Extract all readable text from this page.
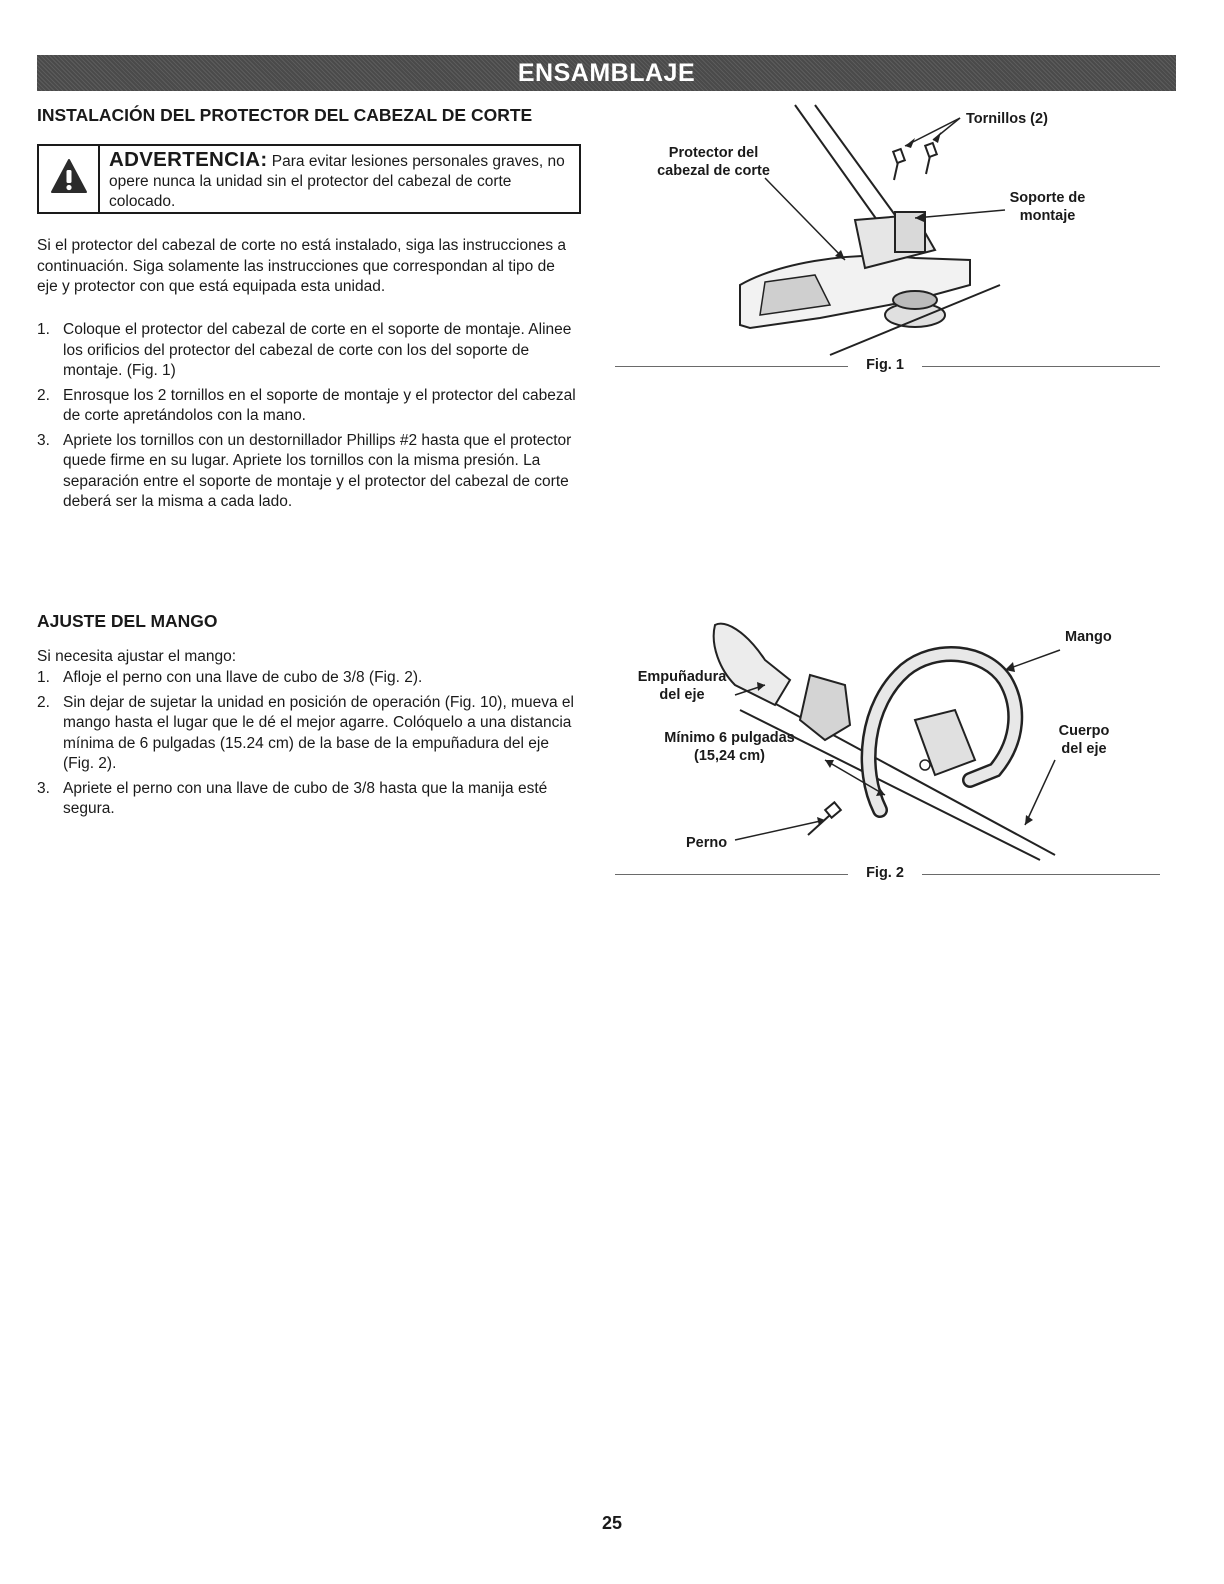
ENSAMBLAJE
INSTALACIÓN DEL PROTECTOR DEL CABEZAL DE CORTE
ADVERTENCIA: Para evitar lesiones personales graves, no opere nunca la unidad sin el protector del cabezal de corte colocado.

Si el protector del cabezal de corte no está instalado, siga las instrucciones a continuación. Siga solamente las instrucciones que correspondan al tipo de eje y protector con que está equipada esta unidad.

1. Coloque el protector del cabezal de corte en el soporte de montaje. Alinee los orificios del protector del cabezal de corte con los del soporte de montaje. (Fig. 1)
2. Enrosque los 2 tornillos en el soporte de montaje y el protector del cabezal de corte apretándolos con la mano.
3. Apriete los tornillos con un destornillador Phillips #2 hasta que el protector quede firme en su lugar. Apriete los tornillos con la misma presión. La separación entre el soporte de montaje y el protector del cabezal de corte deberá ser la misma a cada lado.
Tornillos (2)
Protector del
cabezal de corte
Soporte de
montaje
Fig. 1
AJUSTE DEL MANGO

Si necesita ajustar el mango:

1. Afloje el perno con una llave de cubo de 3/8 (Fig. 2).
2. Sin dejar de sujetar la unidad en posición de operación (Fig. 10), mueva el mango hasta el lugar que le dé el mejor agarre. Colóquelo a una distancia mínima de 6 pulgadas (15.24 cm) de la base de la empuñadura del eje (Fig. 2).
3. Apriete el perno con una llave de cubo de 3/8 hasta que la manija esté segura.
Mango
Empuñadura
del eje
Mínimo 6 pulgadas
(15,24 cm)
Cuerpo
del eje
Perno
Fig. 2
25
